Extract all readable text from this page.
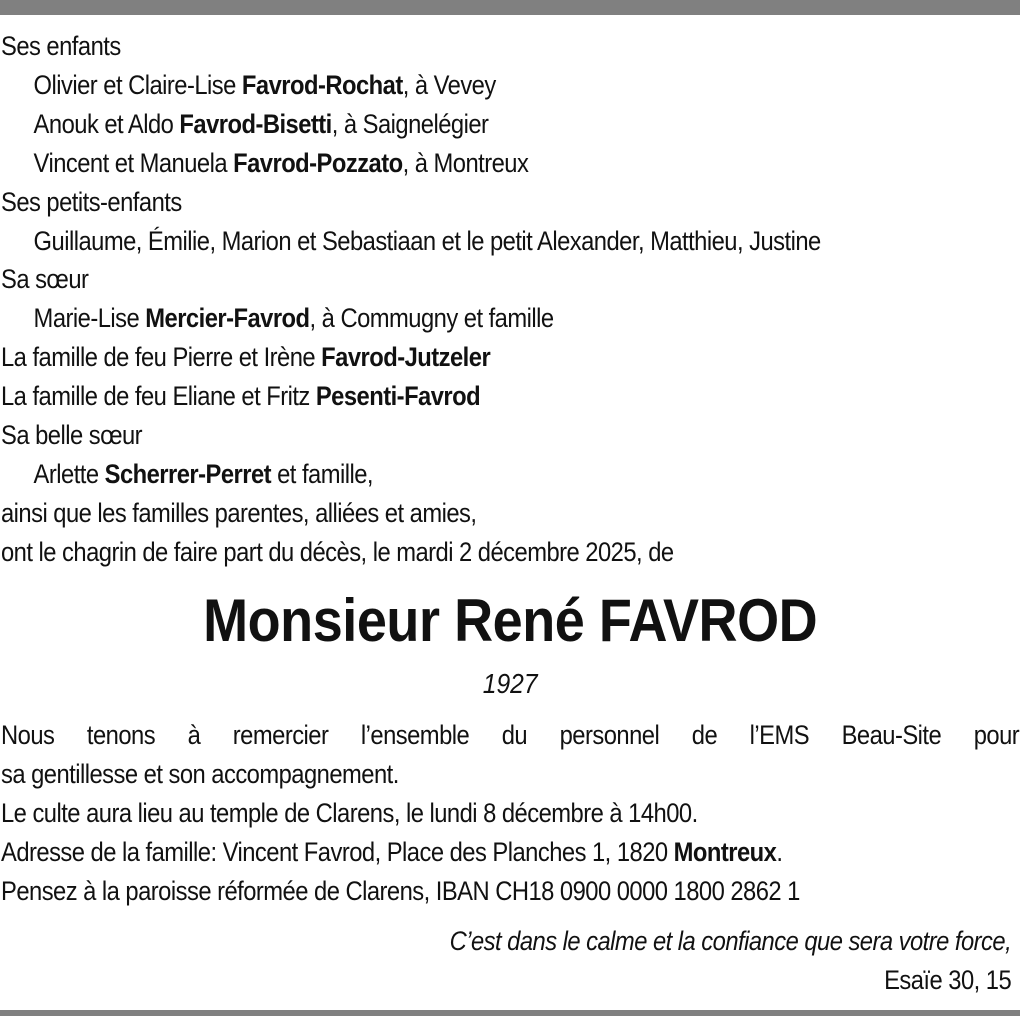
Ses enfants
Olivier et Claire-Lise Favrod-Rochat, à Vevey
Anouk et Aldo Favrod-Bisetti, à Saignelégier
Vincent et Manuela Favrod-Pozzato, à Montreux
Ses petits-enfants
Guillaume, Émilie, Marion et Sebastiaan et le petit Alexander, Matthieu, Justine
Sa sœur
Marie-Lise Mercier-Favrod, à Commugny et famille
La famille de feu Pierre et Irène Favrod-Jutzeler
La famille de feu Eliane et Fritz Pesenti-Favrod
Sa belle sœur
Arlette Scherrer-Perret et famille,
ainsi que les familles parentes, alliées et amies,
ont le chagrin de faire part du décès, le mardi 2 décembre 2025, de
Monsieur René FAVROD
1927
Nous tenons à remercier l’ensemble du personnel de l’EMS Beau-Site pour
sa gentillesse et son accompagnement.
Le culte aura lieu au temple de Clarens, le lundi 8 décembre à 14h00.
Adresse de la famille: Vincent Favrod, Place des Planches 1, 1820 Montreux.
Pensez à la paroisse réformée de Clarens, IBAN CH18 0900 0000 1800 2862 1
C’est dans le calme et la confiance que sera votre force,
Esaïe 30, 15
